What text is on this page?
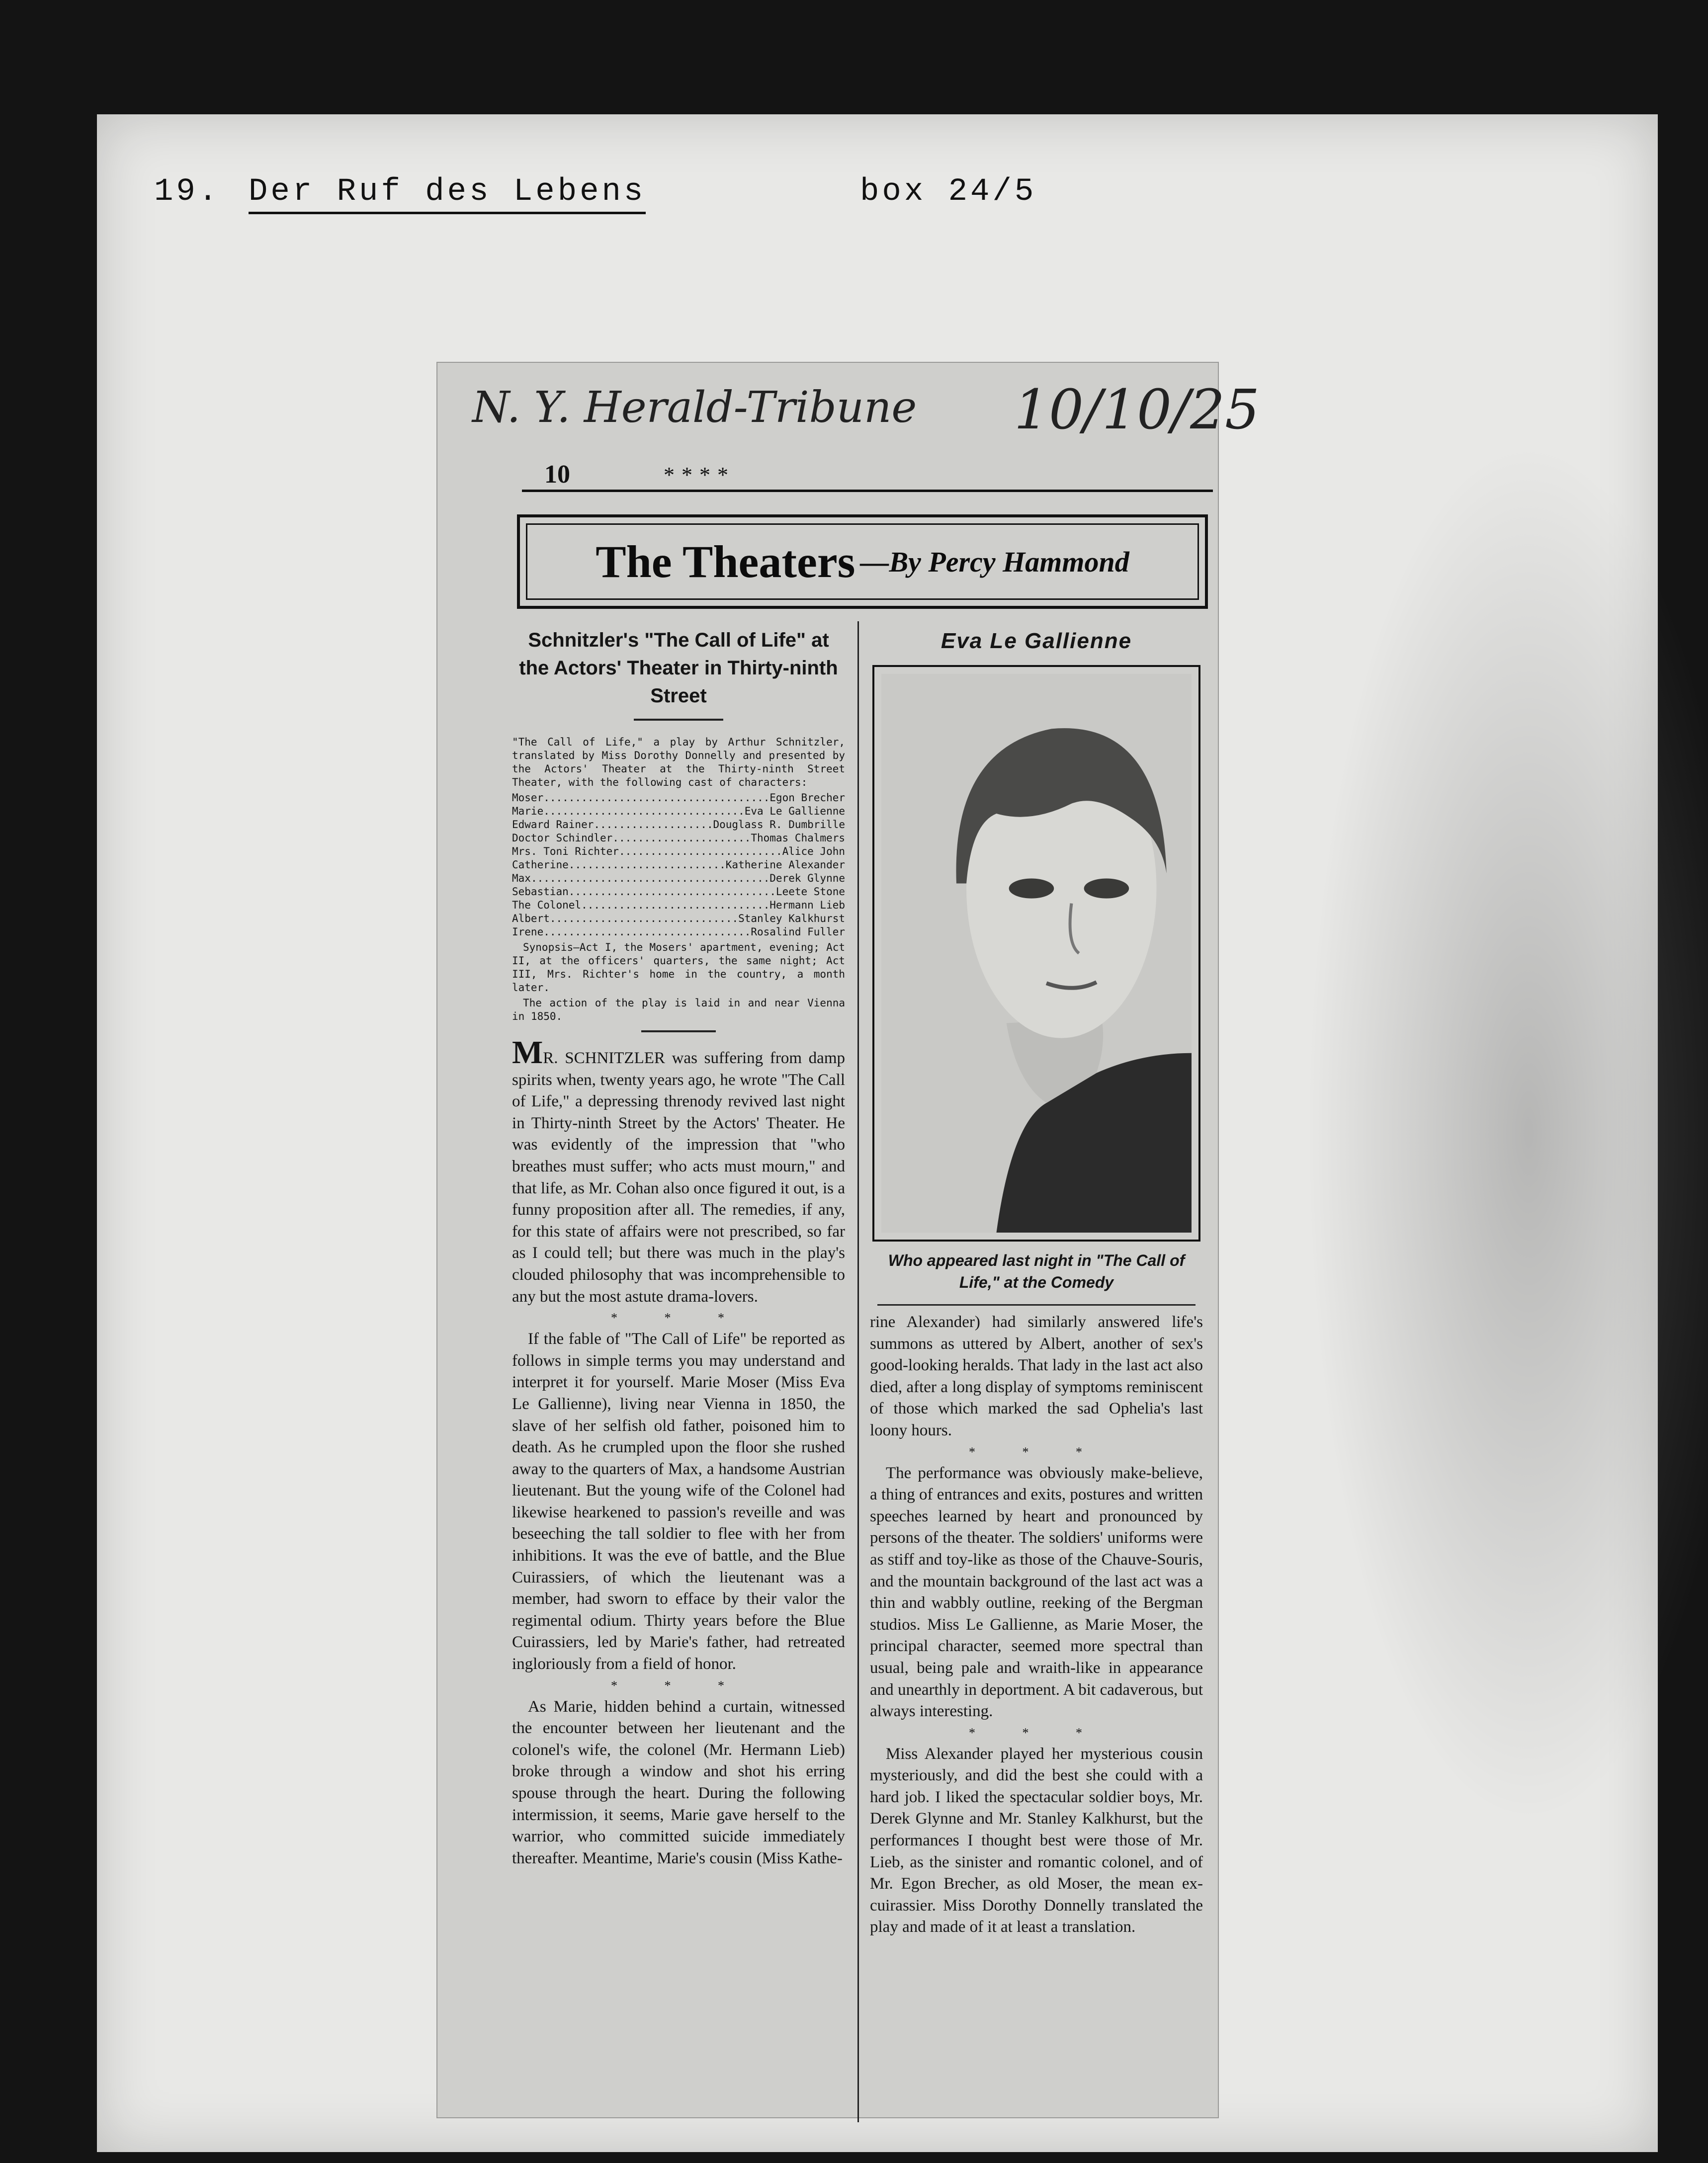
19. Der Ruf des Lebens	box 24/5
N. Y. Herald-Tribune 10/10/25
10	****
The Theaters —By Percy Hammond

Schnitzler's "The Call of Life" at the Actors' Theater in Thirty-ninth Street

"The Call of Life," a play by Arthur Schnitzler, translated by Miss Dorothy Donnelly and presented by the Actors' Theater at the Thirty-ninth Street Theater, with the following cast of characters:

Moser .....	Egon Brecher
Marie .....	Eva Le Gallienne
Edward Rainer .....	Douglass R. Dumbrille
Doctor Schindler .....	Thomas Chalmers
Mrs. Toni Richter .....	Alice John
Catherine .....	Katherine Alexander
Max .....	Derek Glynne
Sebastian .....	Leete Stone
The Colonel .....	Hermann Lieb
Albert .....	Stanley Kalkhurst
Irene .....	Rosalind Fuller

Synopsis—Act I, the Mosers' apartment, evening; Act II, at the officers' quarters, the same night; Act III, Mrs. Richter's home in the country, a month later.

The action of the play is laid in and near Vienna in 1850.

MR. SCHNITZLER was suffering from damp spirits when, twenty years ago, he wrote "The Call of Life," a depressing threnody revived last night in Thirty-ninth Street by the Actors' Theater. He was evidently of the impression that "who breathes must suffer; who acts must mourn," and that life, as Mr. Cohan also once figured it out, is a funny proposition after all. The remedies, if any, for this state of affairs were not prescribed, so far as I could tell; but there was much in the play's clouded philosophy that was incomprehensible to any but the most astute drama-lovers.

* * *

If the fable of "The Call of Life" be reported as follows in simple terms you may understand and interpret it for yourself. Marie Moser (Miss Eva Le Gallienne), living near Vienna in 1850, the slave of her selfish old father, poisoned him to death. As he crumpled upon the floor she rushed away to the quarters of Max, a handsome Austrian lieutenant. But the young wife of the Colonel had likewise hearkened to passion's reveille and was beseeching the tall soldier to flee with her from inhibitions. It was the eve of battle, and the Blue Cuirassiers, of which the lieutenant was a member, had sworn to efface by their valor the regimental odium. Thirty years before the Blue Cuirassiers, led by Marie's father, had retreated ingloriously from a field of honor.

* * *

As Marie, hidden behind a curtain, witnessed the encounter between her lieutenant and the colonel's wife, the colonel (Mr. Hermann Lieb) broke through a window and shot his erring spouse through the heart. During the following intermission, it seems, Marie gave herself to the warrior, who committed suicide immediately thereafter. Meantime, Marie's cousin (Miss Kathe-

Eva Le Gallienne

Who appeared last night in "The Call of Life," at the Comedy

rine Alexander) had similarly answered life's summons as uttered by Albert, another of sex's good-looking heralds. That lady in the last act also died, after a long display of symptoms reminiscent of those which marked the sad Ophelia's last loony hours.

* * *

The performance was obviously make-believe, a thing of entrances and exits, postures and written speeches learned by heart and pronounced by persons of the theater. The soldiers' uniforms were as stiff and toy-like as those of the Chauve-Souris, and the mountain background of the last act was a thin and wabbly outline, reeking of the Bergman studios. Miss Le Gallienne, as Marie Moser, the principal character, seemed more spectral than usual, being pale and wraith-like in appearance and unearthly in deportment. A bit cadaverous, but always interesting.

* * *

Miss Alexander played her mysterious cousin mysteriously, and did the best she could with a hard job. I liked the spectacular soldier boys, Mr. Derek Glynne and Mr. Stanley Kalkhurst, but the performances I thought best were those of Mr. Lieb, as the sinister and romantic colonel, and of Mr. Egon Brecher, as old Moser, the mean ex-cuirassier. Miss Dorothy Donnelly translated the play and made of it at least a translation.
